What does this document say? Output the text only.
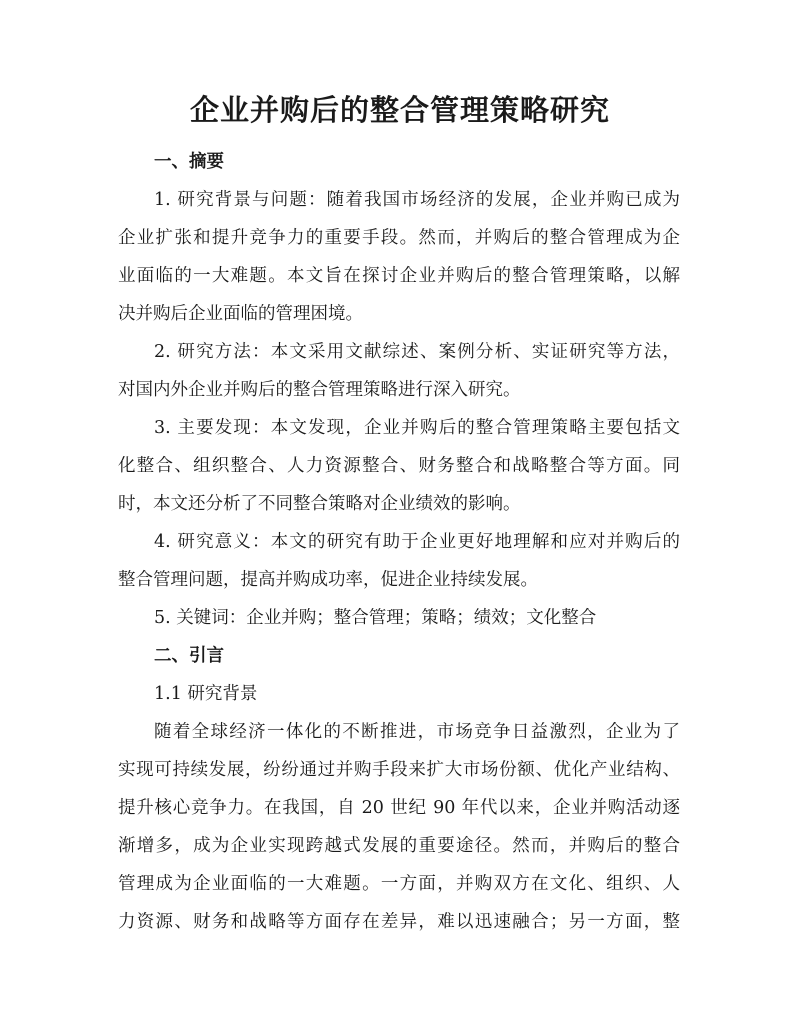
企业并购后的整合管理策略研究

一、摘要

1. 研究背景与问题：随着我国市场经济的发展，企业并购已成为

企业扩张和提升竞争力的重要手段。然而，并购后的整合管理成为企

业面临的一大难题。本文旨在探讨企业并购后的整合管理策略，以解

决并购后企业面临的管理困境。

2. 研究方法：本文采用文献综述、案例分析、实证研究等方法，

对国内外企业并购后的整合管理策略进行深入研究。

3. 主要发现：本文发现，企业并购后的整合管理策略主要包括文

化整合、组织整合、人力资源整合、财务整合和战略整合等方面。同

时，本文还分析了不同整合策略对企业绩效的影响。

4. 研究意义：本文的研究有助于企业更好地理解和应对并购后的

整合管理问题，提高并购成功率，促进企业持续发展。

5. 关键词：企业并购；整合管理；策略；绩效；文化整合

二、引言

1.1 研究背景

随着全球经济一体化的不断推进，市场竞争日益激烈，企业为了

实现可持续发展，纷纷通过并购手段来扩大市场份额、优化产业结构、

提升核心竞争力。在我国，自 20 世纪 90 年代以来，企业并购活动逐

渐增多，成为企业实现跨越式发展的重要途径。然而，并购后的整合

管理成为企业面临的一大难题。一方面，并购双方在文化、组织、人

力资源、财务和战略等方面存在差异，难以迅速融合；另一方面，整
